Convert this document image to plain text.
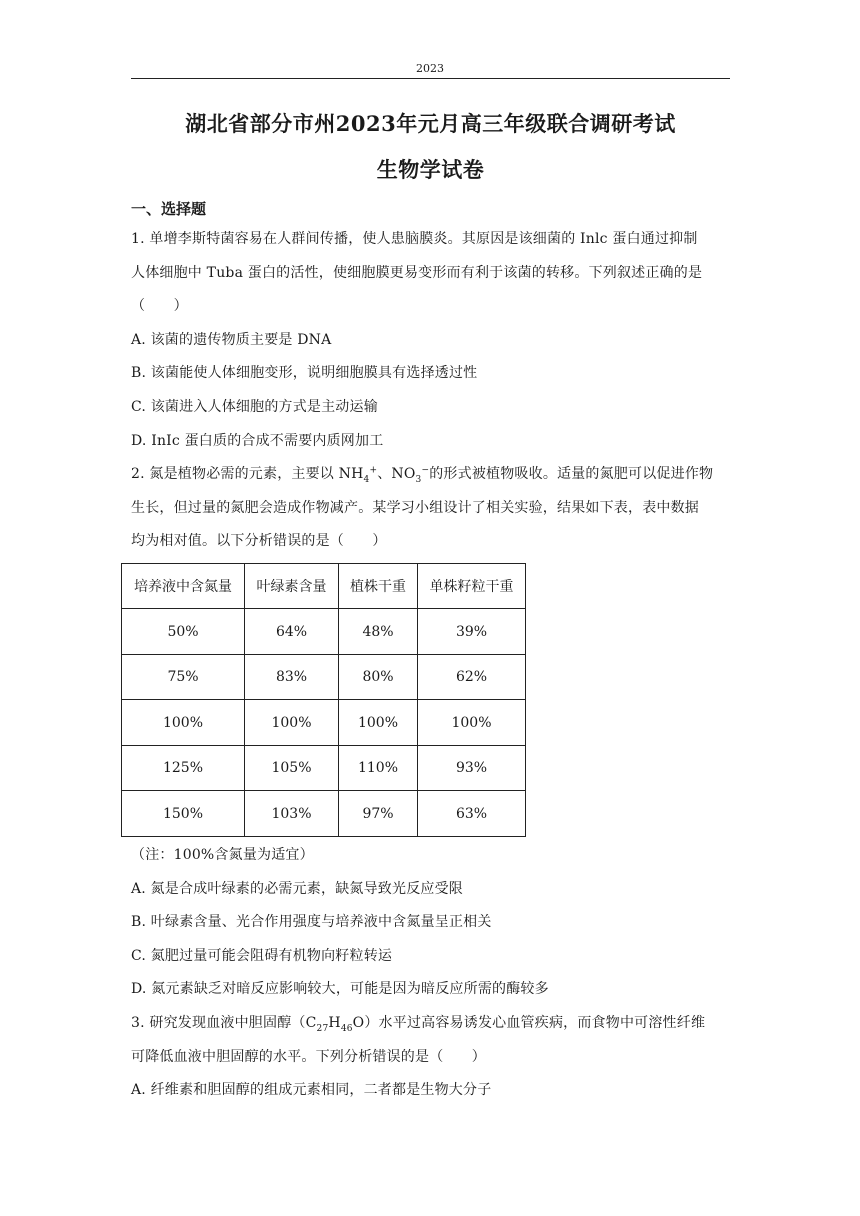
2023
湖北省部分市州2023年元月高三年级联合调研考试
生物学试卷
一、选择题
1. 单增李斯特菌容易在人群间传播，使人患脑膜炎。其原因是该细菌的 Inlc 蛋白通过抑制
人体细胞中 Tuba 蛋白的活性，使细胞膜更易变形而有利于该菌的转移。下列叙述正确的是
（　　）
A. 该菌的遗传物质主要是 DNA
B. 该菌能使人体细胞变形，说明细胞膜具有选择透过性
C. 该菌进入人体细胞的方式是主动运输
D. InIc 蛋白质的合成不需要内质网加工
2. 氮是植物必需的元素，主要以 $NH_4^+$、$NO_3^-$的形式被植物吸收。适量的氮肥可以促进作物
生长，但过量的氮肥会造成作物减产。某学习小组设计了相关实验，结果如下表，表中数据
均为相对值。以下分析错误的是（　　）
培养液中含氮量	叶绿素含量	植株干重	单株籽粒干重
50%	64%	48%	39%
75%	83%	80%	62%
100%	100%	100%	100%
125%	105%	110%	93%
150%	103%	97%	63%
（注：100%含氮量为适宜）
A. 氮是合成叶绿素的必需元素，缺氮导致光反应受限
B. 叶绿素含量、光合作用强度与培养液中含氮量呈正相关
C. 氮肥过量可能会阻碍有机物向籽粒转运
D. 氮元素缺乏对暗反应影响较大，可能是因为暗反应所需的酶较多
3. 研究发现血液中胆固醇$(C_{27}H_{46}O)$水平过高容易诱发心血管疾病，而食物中可溶性纤维
可降低血液中胆固醇的水平。下列分析错误的是（　　）
A. 纤维素和胆固醇的组成元素相同，二者都是生物大分子
